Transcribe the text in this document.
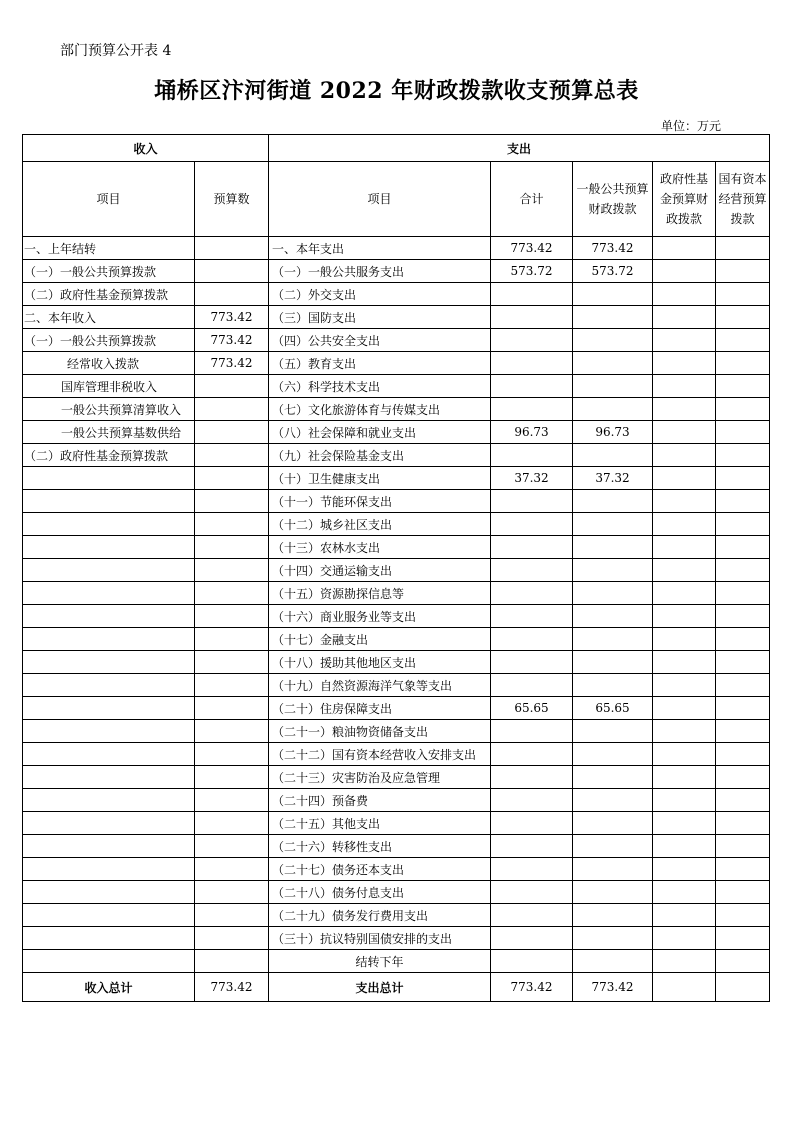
部门预算公开表 4
埇桥区汴河街道 2022 年财政拨款收支预算总表
单位：万元
收入		支出				
项目	预算数	项目	合计	一般公共预算财政拨款	政府性基金预算财政拨款	国有资本经营预算拨款
一、上年结转		一、本年支出	773.42	773.42		
（一）一般公共预算拨款		（一）一般公共服务支出	573.72	573.72		
（二）政府性基金预算拨款		（二）外交支出				
二、本年收入	773.42	（三）国防支出				
（一）一般公共预算拨款	773.42	（四）公共安全支出				
经常收入拨款	773.42	（五）教育支出				
国库管理非税收入		（六）科学技术支出				
一般公共预算清算收入		（七）文化旅游体育与传媒支出				
一般公共预算基数供给		（八）社会保障和就业支出	96.73	96.73		
（二）政府性基金预算拨款		（九）社会保险基金支出				
		（十）卫生健康支出	37.32	37.32		
		（十一）节能环保支出				
		（十二）城乡社区支出				
		（十三）农林水支出				
		（十四）交通运输支出				
		（十五）资源勘探信息等				
		（十六）商业服务业等支出				
		（十七）金融支出				
		（十八）援助其他地区支出				
		（十九）自然资源海洋气象等支出				
		（二十）住房保障支出	65.65	65.65		
		（二十一）粮油物资储备支出				
		（二十二）国有资本经营收入安排支出				
		（二十三）灾害防治及应急管理				
		（二十四）预备费				
		（二十五）其他支出				
		（二十六）转移性支出				
		（二十七）债务还本支出				
		（二十八）债务付息支出				
		（二十九）债务发行费用支出				
		（三十）抗议特别国债安排的支出				
		结转下年				
收入总计	773.42	支出总计	773.42	773.42		
